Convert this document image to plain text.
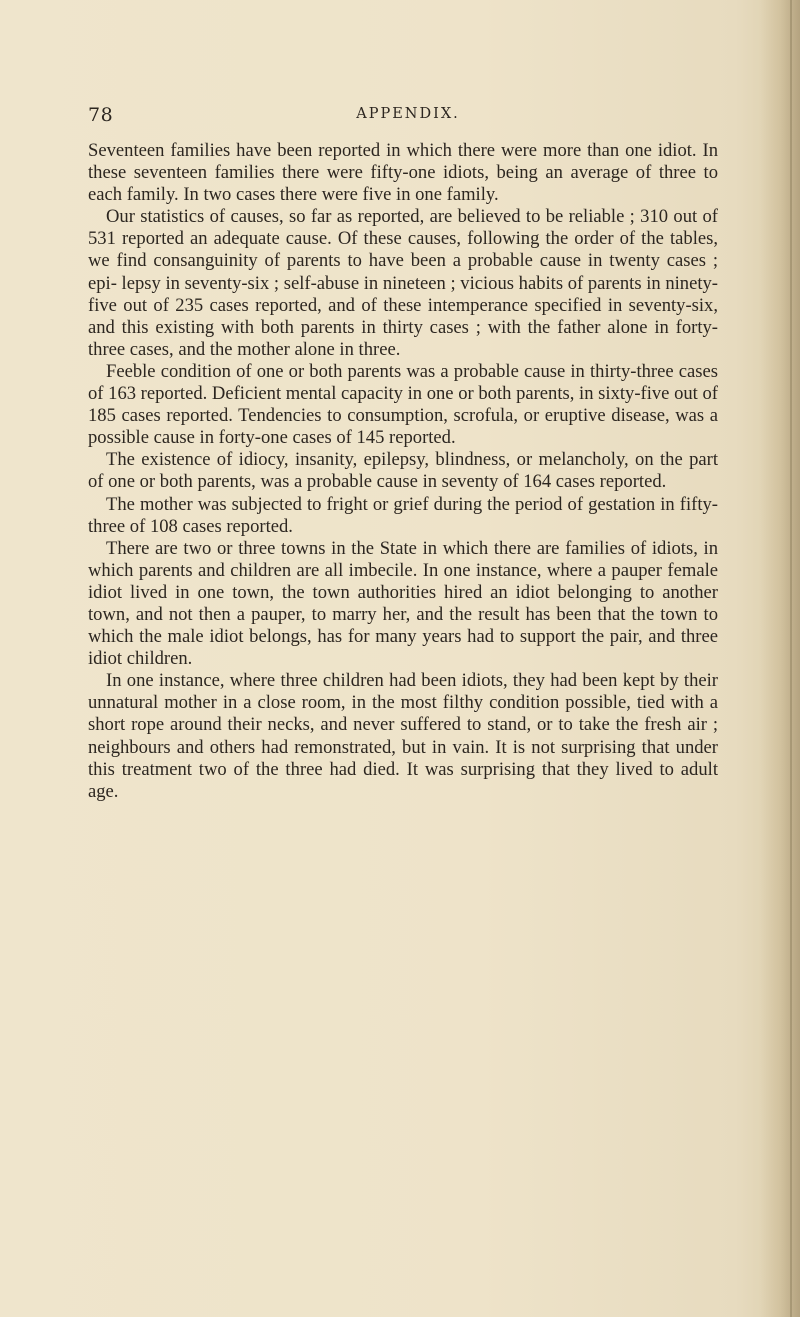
78	APPENDIX.

Seventeen families have been reported in which there were more than one idiot. In these seventeen families there were fifty-one idiots, being an average of three to each family. In two cases there were five in one family.

Our statistics of causes, so far as reported, are believed to be reliable ; 310 out of 531 reported an adequate cause. Of these causes, following the order of the tables, we find consanguinity of parents to have been a probable cause in twenty cases ; epi- lepsy in seventy-six ; self-abuse in nineteen ; vicious habits of parents in ninety-five out of 235 cases reported, and of these intemperance specified in seventy-six, and this existing with both parents in thirty cases ; with the father alone in forty- three cases, and the mother alone in three.

Feeble condition of one or both parents was a probable cause in thirty-three cases of 163 reported. Deficient mental capacity in one or both parents, in sixty-five out of 185 cases reported. Tendencies to consumption, scrofula, or eruptive disease, was a possible cause in forty-one cases of 145 reported.

The existence of idiocy, insanity, epilepsy, blindness, or melancholy, on the part of one or both parents, was a probable cause in seventy of 164 cases reported.

The mother was subjected to fright or grief during the period of gestation in fifty-three of 108 cases reported.

There are two or three towns in the State in which there are families of idiots, in which parents and children are all imbecile. In one instance, where a pauper female idiot lived in one town, the town authorities hired an idiot belonging to another town, and not then a pauper, to marry her, and the result has been that the town to which the male idiot belongs, has for many years had to support the pair, and three idiot children.

In one instance, where three children had been idiots, they had been kept by their unnatural mother in a close room, in the most filthy condition possible, tied with a short rope around their necks, and never suffered to stand, or to take the fresh air ; neighbours and others had remonstrated, but in vain. It is not surprising that under this treatment two of the three had died. It was surprising that they lived to adult age.
